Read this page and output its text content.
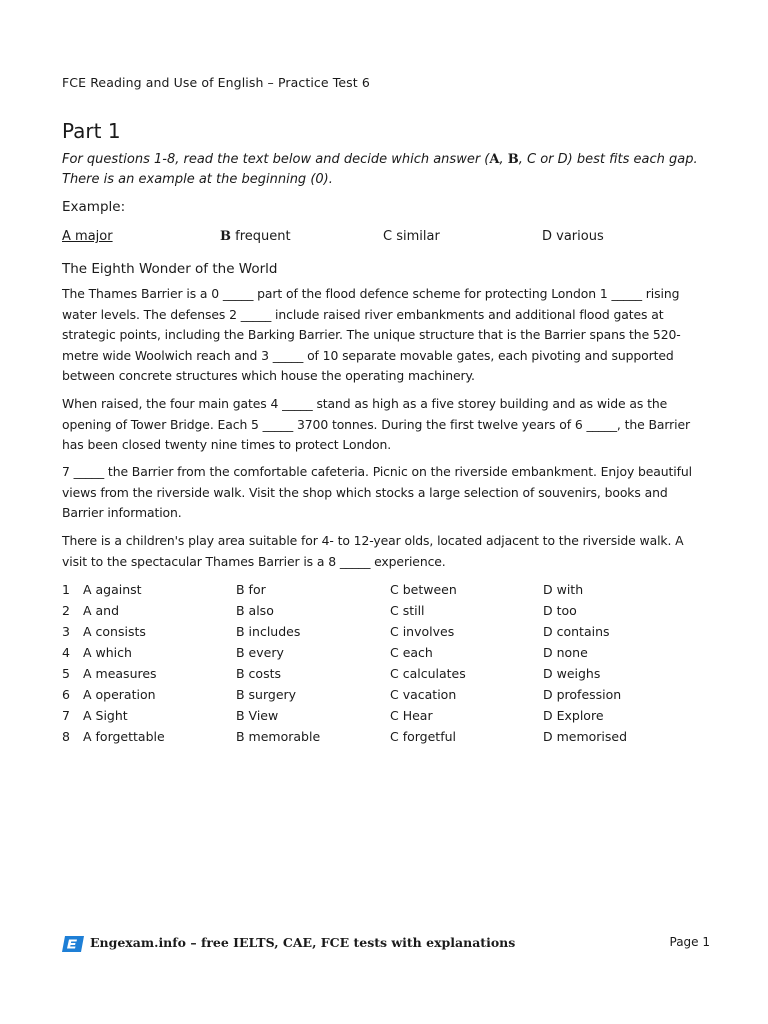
FCE Reading and Use of English – Practice Test 6
Part 1
For questions 1-8, read the text below and decide which answer (A, B, C or D) best fits each gap. There is an example at the beginning (0).
Example:
A major	B frequent	C similar	D various
The Eighth Wonder of the World
The Thames Barrier is a 0 _____ part of the flood defence scheme for protecting London 1 _____ rising water levels. The defenses 2 _____ include raised river embankments and additional flood gates at strategic points, including the Barking Barrier. The unique structure that is the Barrier spans the 520-metre wide Woolwich reach and 3 _____ of 10 separate movable gates, each pivoting and supported between concrete structures which house the operating machinery.
When raised, the four main gates 4 _____ stand as high as a five storey building and as wide as the opening of Tower Bridge. Each 5 _____ 3700 tonnes. During the first twelve years of 6 _____, the Barrier has been closed twenty nine times to protect London.
7 _____ the Barrier from the comfortable cafeteria. Picnic on the riverside embankment. Enjoy beautiful views from the riverside walk. Visit the shop which stocks a large selection of souvenirs, books and Barrier information.
There is a children's play area suitable for 4- to 12-year olds, located adjacent to the riverside walk. A visit to the spectacular Thames Barrier is a 8 _____ experience.
1 A against	B for	C between	D with
2 A and	B also	C still	D too
3 A consists	B includes	C involves	D contains
4 A which	B every	C each	D none
5 A measures	B costs	C calculates	D weighs
6 A operation	B surgery	C vacation	D profession
7 A Sight	B View	C Hear	D Explore
8 A forgettable	B memorable	C forgetful	D memorised
Engexam.info – free IELTS, CAE, FCE tests with explanations	Page 1
